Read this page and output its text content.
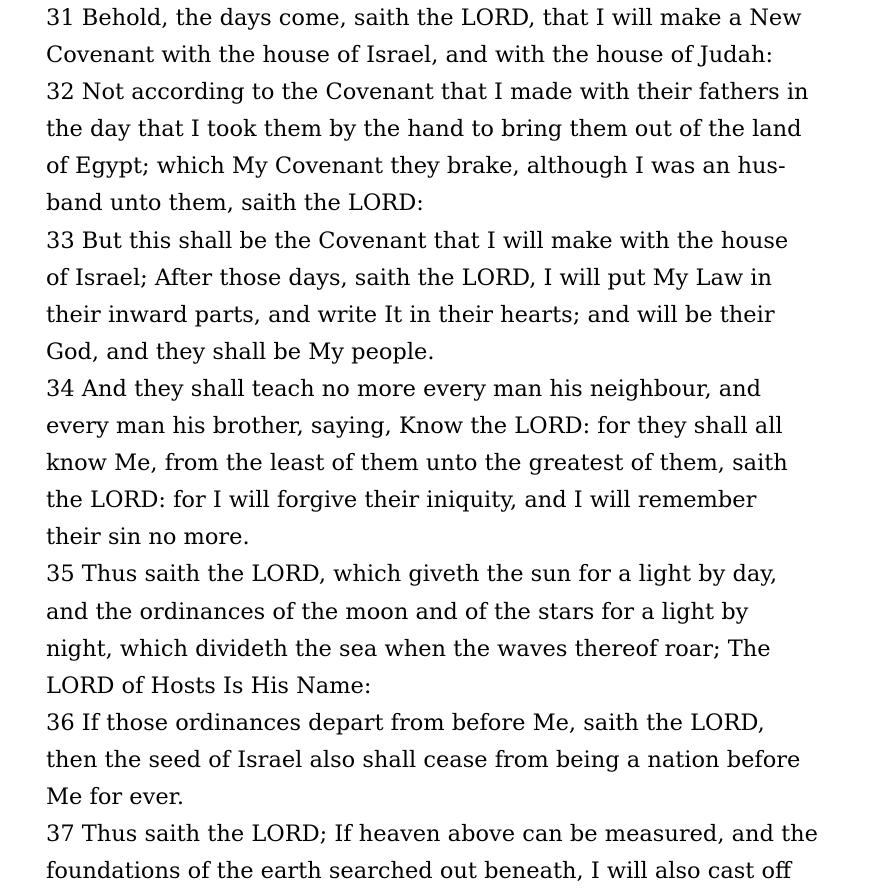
31 Behold, the days come, saith the LORD, that I will make a New
Covenant with the house of Israel, and with the house of Judah:
32 Not according to the Covenant that I made with their fathers in
the day that I took them by the hand to bring them out of the land
of Egypt; which My Covenant they brake, although I was an hus-
band unto them, saith the LORD:
33 But this shall be the Covenant that I will make with the house
of Israel; After those days, saith the LORD, I will put My Law in
their inward parts, and write It in their hearts; and will be their
God, and they shall be My people.
34 And they shall teach no more every man his neighbour, and
every man his brother, saying, Know the LORD: for they shall all
know Me, from the least of them unto the greatest of them, saith
the LORD: for I will forgive their iniquity, and I will remember
their sin no more.
35 Thus saith the LORD, which giveth the sun for a light by day,
and the ordinances of the moon and of the stars for a light by
night, which divideth the sea when the waves thereof roar; The
LORD of Hosts Is His Name:
36 If those ordinances depart from before Me, saith the LORD,
then the seed of Israel also shall cease from being a nation before
Me for ever.
37 Thus saith the LORD; If heaven above can be measured, and the
foundations of the earth searched out beneath, I will also cast off
